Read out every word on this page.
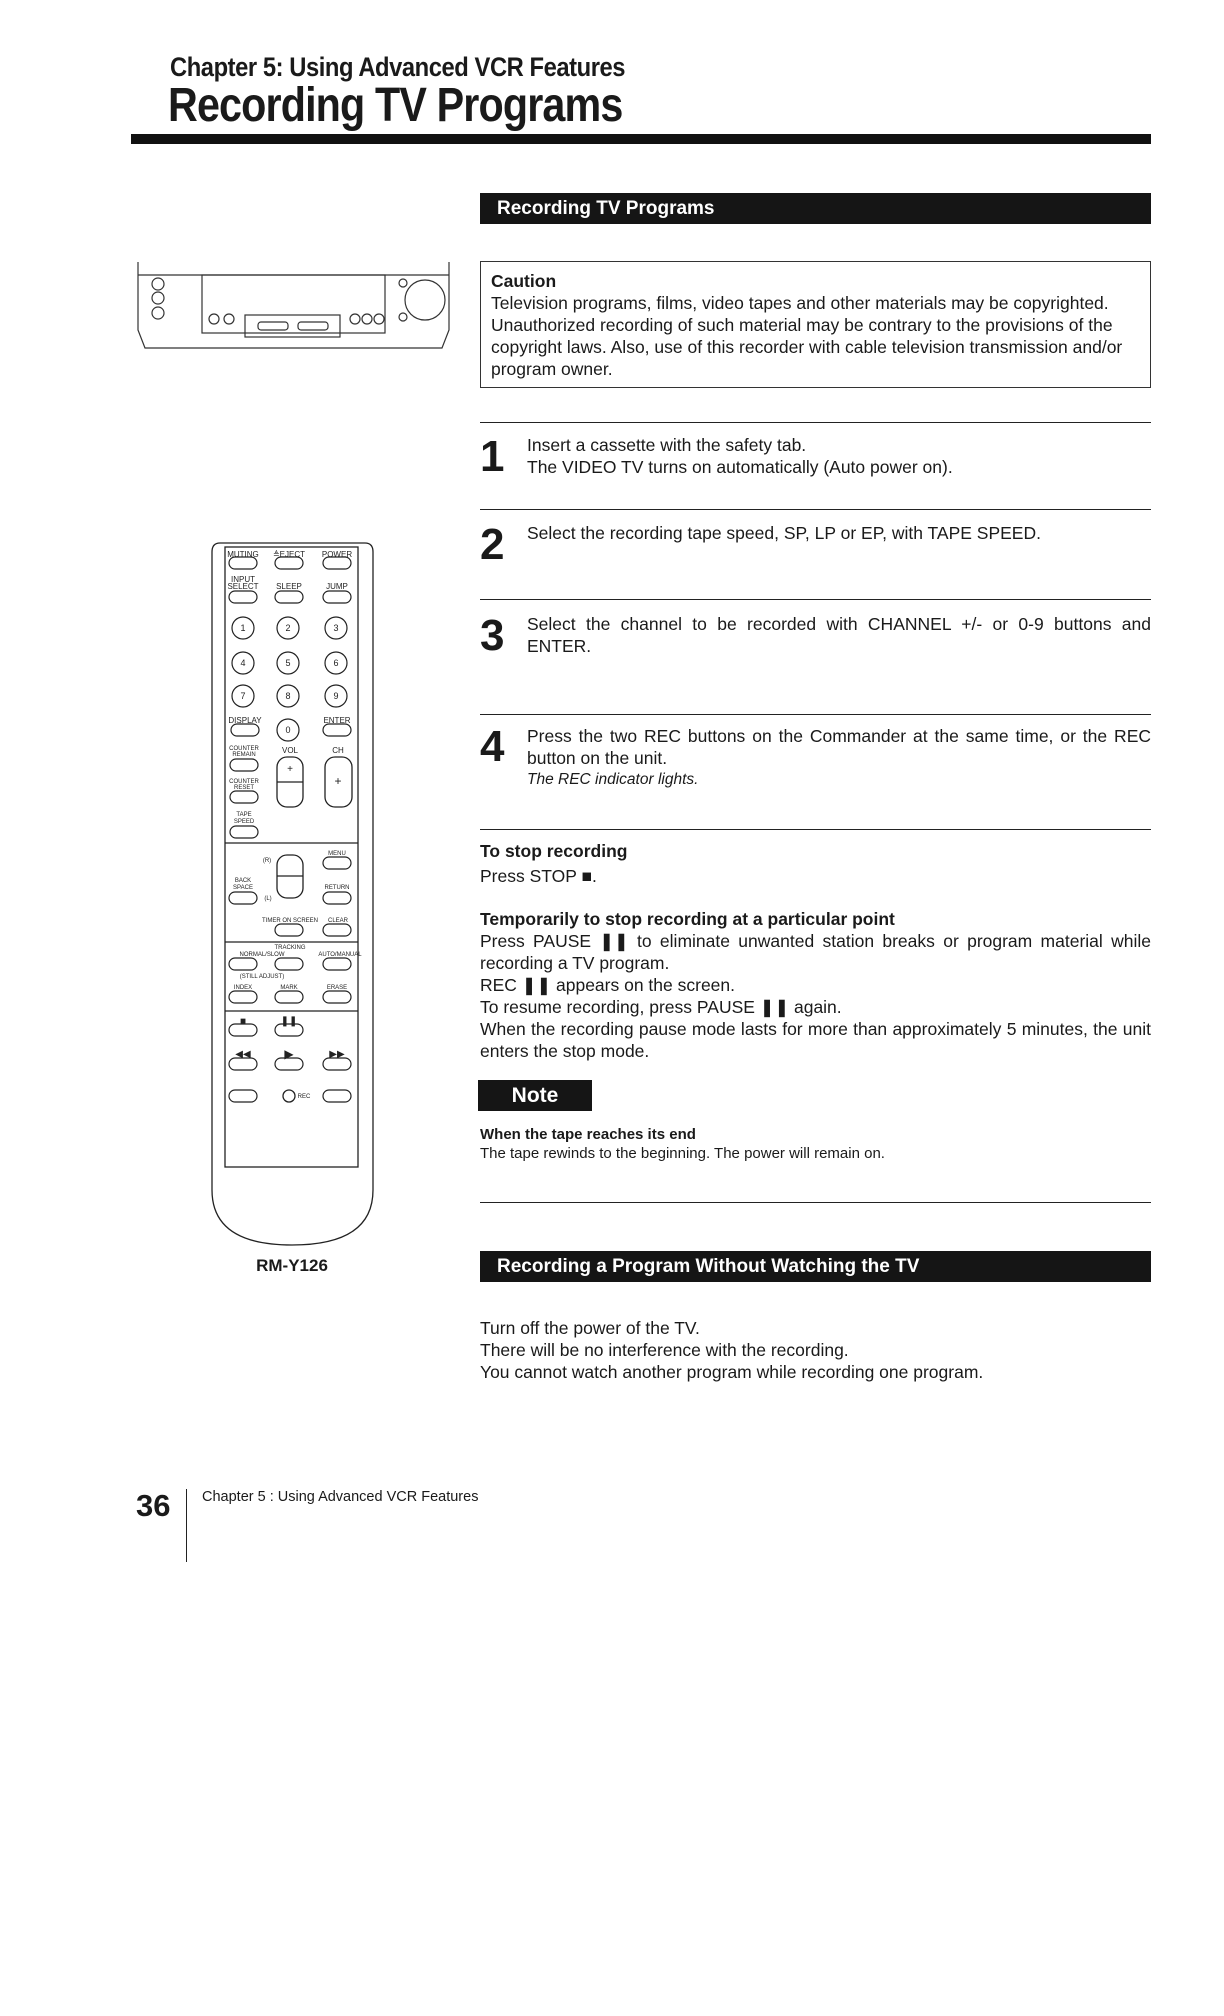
Chapter 5: Using Advanced VCR Features
Recording TV Programs
Recording TV Programs
Caution
Television programs, films, video tapes and other materials may be copyrighted. Unauthorized recording of such material may be contrary to the provisions of the copyright laws. Also, use of this recorder with cable television transmission and/or program owner.
1 Insert a cassette with the safety tab.
The VIDEO TV turns on automatically (Auto power on).
2 Select the recording tape speed, SP, LP or EP, with TAPE SPEED.
3 Select the channel to be recorded with CHANNEL +/- or 0-9 buttons and ENTER.
4 Press the two REC buttons on the Commander at the same time, or the REC button on the unit.
The REC indicator lights.
To stop recording
Press STOP ■.
Temporarily to stop recording at a particular point
Press PAUSE ❚❚ to eliminate unwanted station breaks or program material while recording a TV program.
REC ❚❚ appears on the screen.
To resume recording, press PAUSE ❚❚ again.
When the recording pause mode lasts for more than approximately 5 minutes, the unit enters the stop mode.
Note
When the tape reaches its end
The tape rewinds to the beginning. The power will remain on.
Recording a Program Without Watching the TV
Turn off the power of the TV.
There will be no interference with the recording.
You cannot watch another program while recording one program.
MUTING ≜EJECT POWER
INPUT
SELECT SLEEP	JUMP
DISPLAY	ENTER
VOL	CH
+
+
COUNTER
REMAIN
COUNTER
RESET
TAPE
SPEED
MENU
(R)
(L)
BACK
SPACE	RETURN
TIMER ON SCREEN CLEAR
TRACKING
NORMAL/SLOW	AUTO/MANUAL
(STILL ADJUST)
INDEX	MARK	ERASE
REC
■	❚❚
◀◀	▶	▶▶
1	2	3
4	5	6
7	8	9
0
RM-Y126
36 Chapter 5 : Using Advanced VCR Features
